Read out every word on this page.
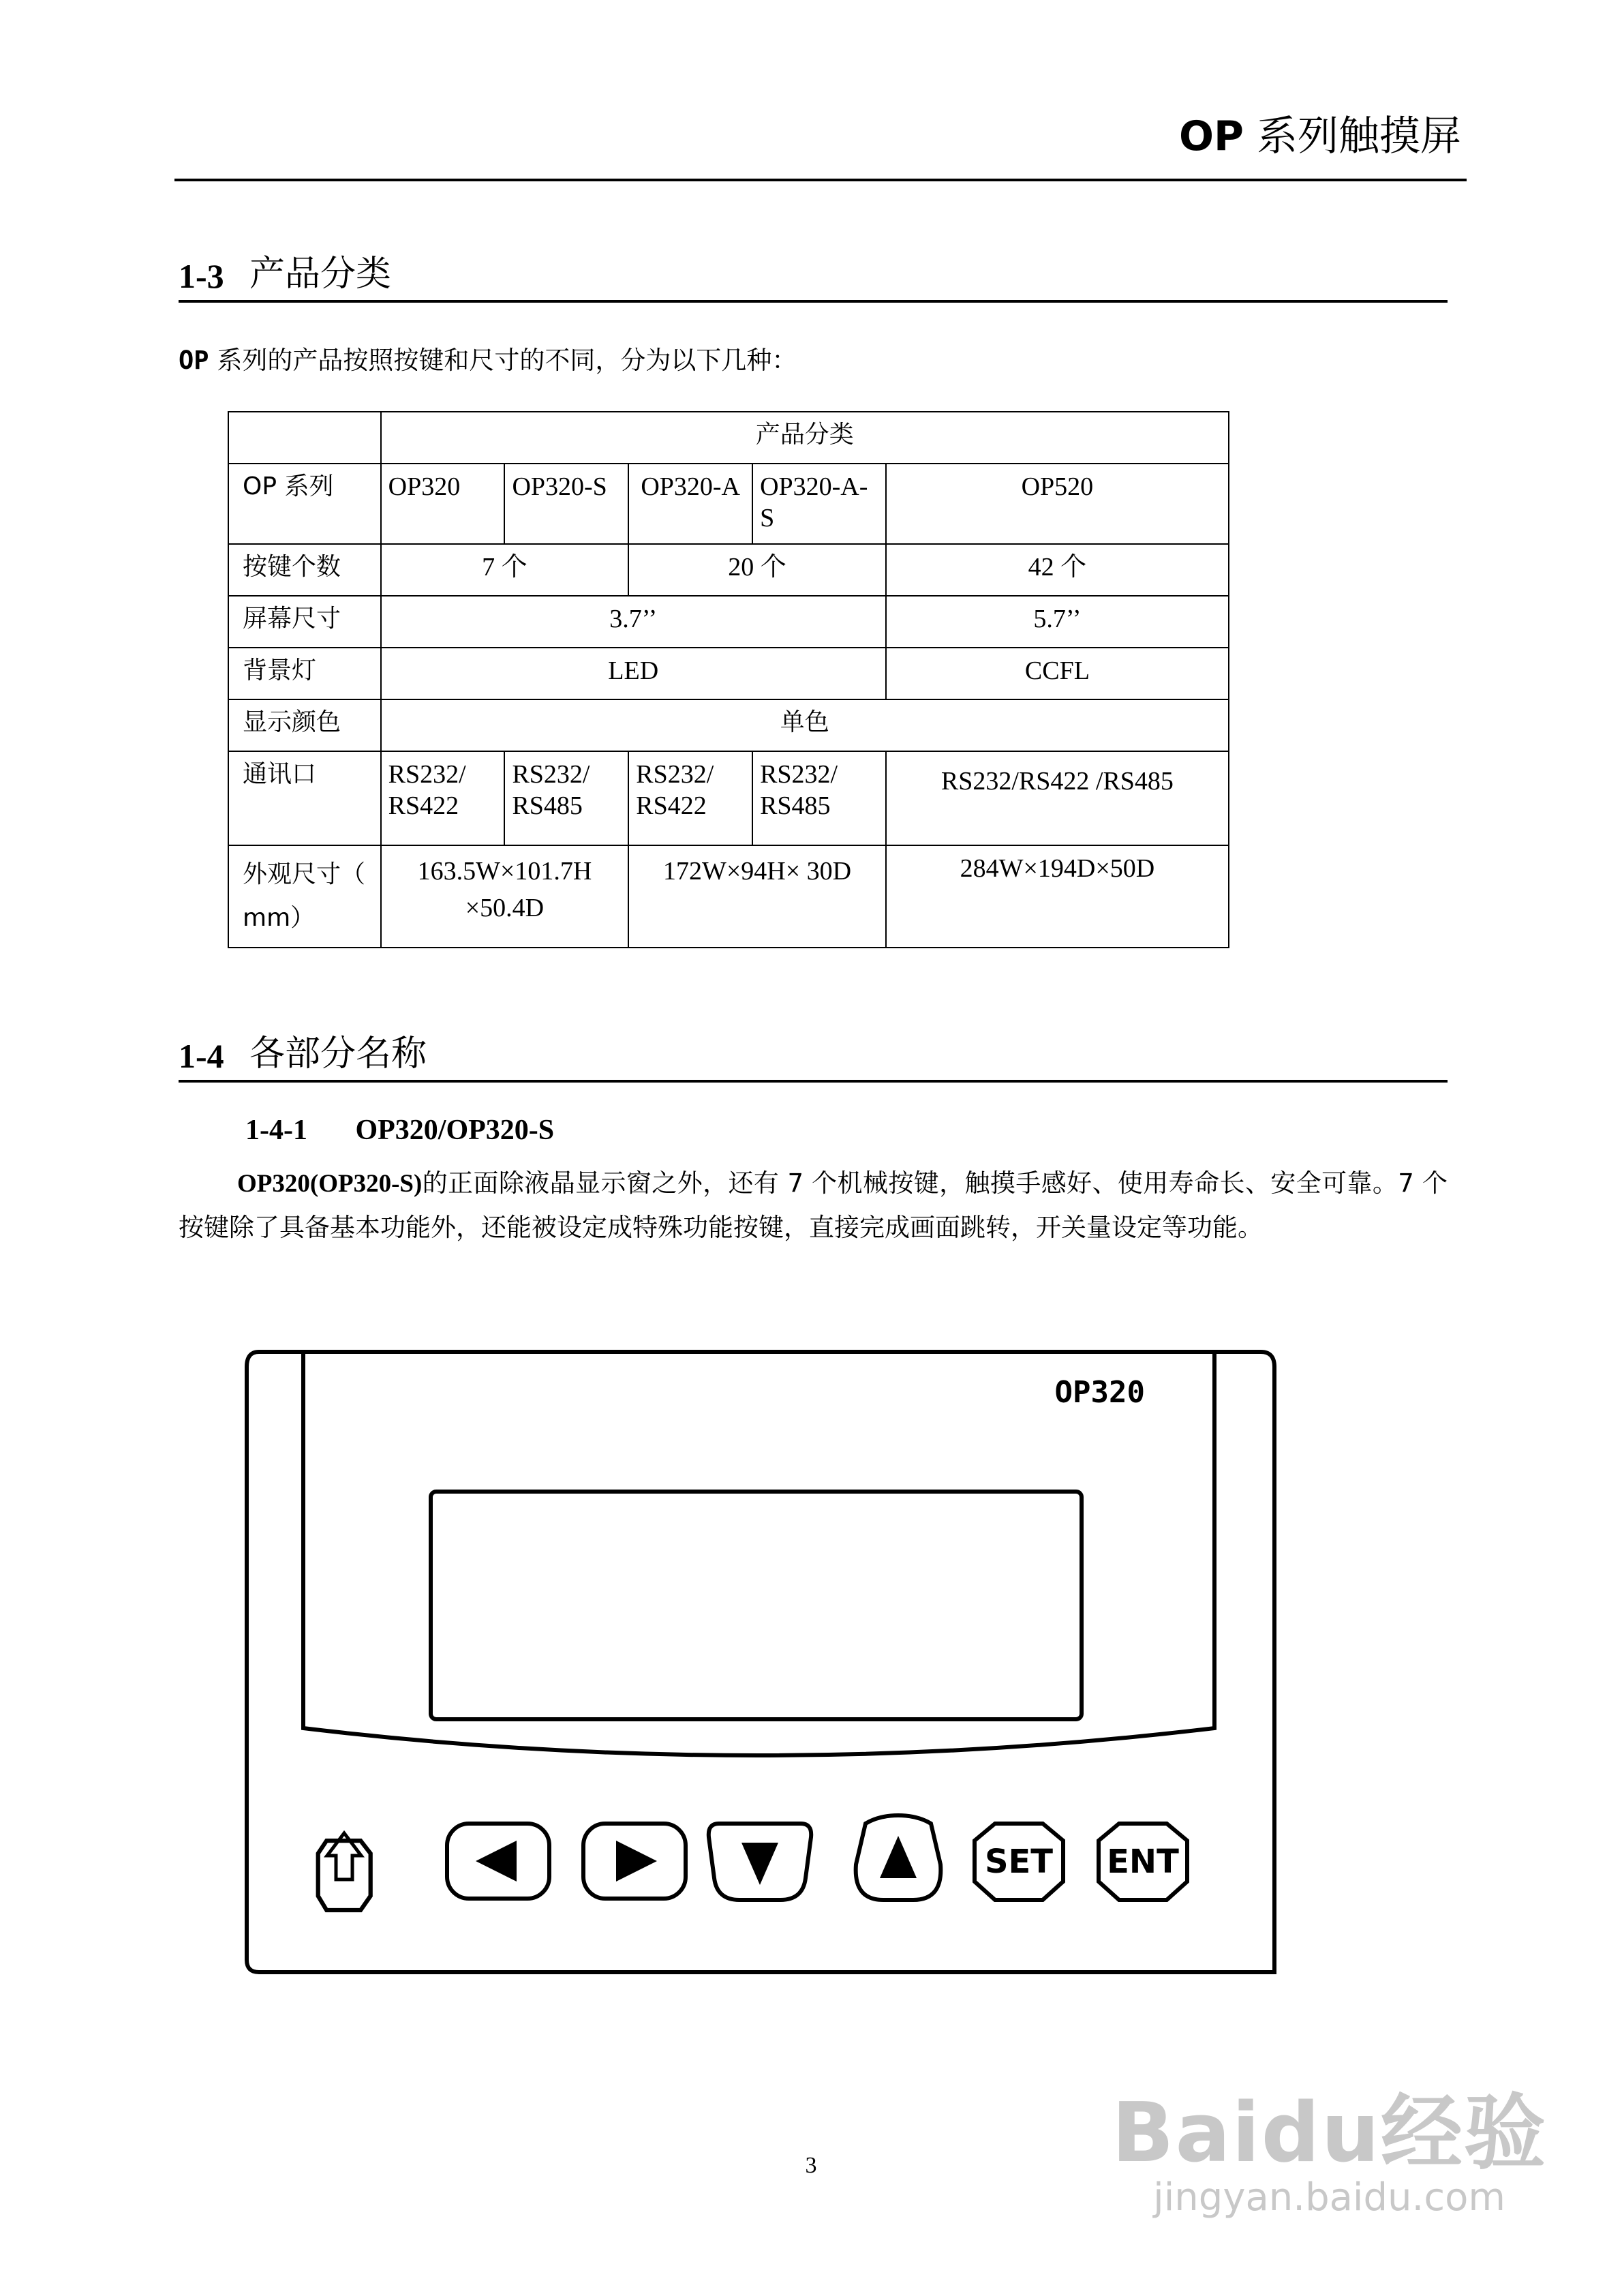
OP 系列触摸屏
1-3 产品分类
OP 系列的产品按照按键和尺寸的不同，分为以下几种：
	产品分类				
OP 系列	OP320	OP320-S	OP320-A	OP320-A-S	OP520
按键个数	7 个		20 个		42 个
屏幕尺寸	3.7’’				5.7’’
背景灯	LED				CCFL
显示颜色	单色				
通讯口	RS232/ RS422	RS232/ RS485	RS232/ RS422	RS232/ RS485	RS232/RS422 /RS485
外观尺寸（ mm）	163.5W×101.7H ×50.4D		172W×94H× 30D		284W×194D×50D
1-4 各部分名称
1-4-1 OP320/OP320-S
OP320(OP320-S)的正面除液晶显示窗之外，还有 7 个机械按键，触摸手感好、使用寿命长、安全可靠。7 个按键除了具备基本功能外，还能被设定成特殊功能按键，直接完成画面跳转，开关量设定等功能。
OP320
SET ENT
3	Baidu经验
jingyan.baidu.com
